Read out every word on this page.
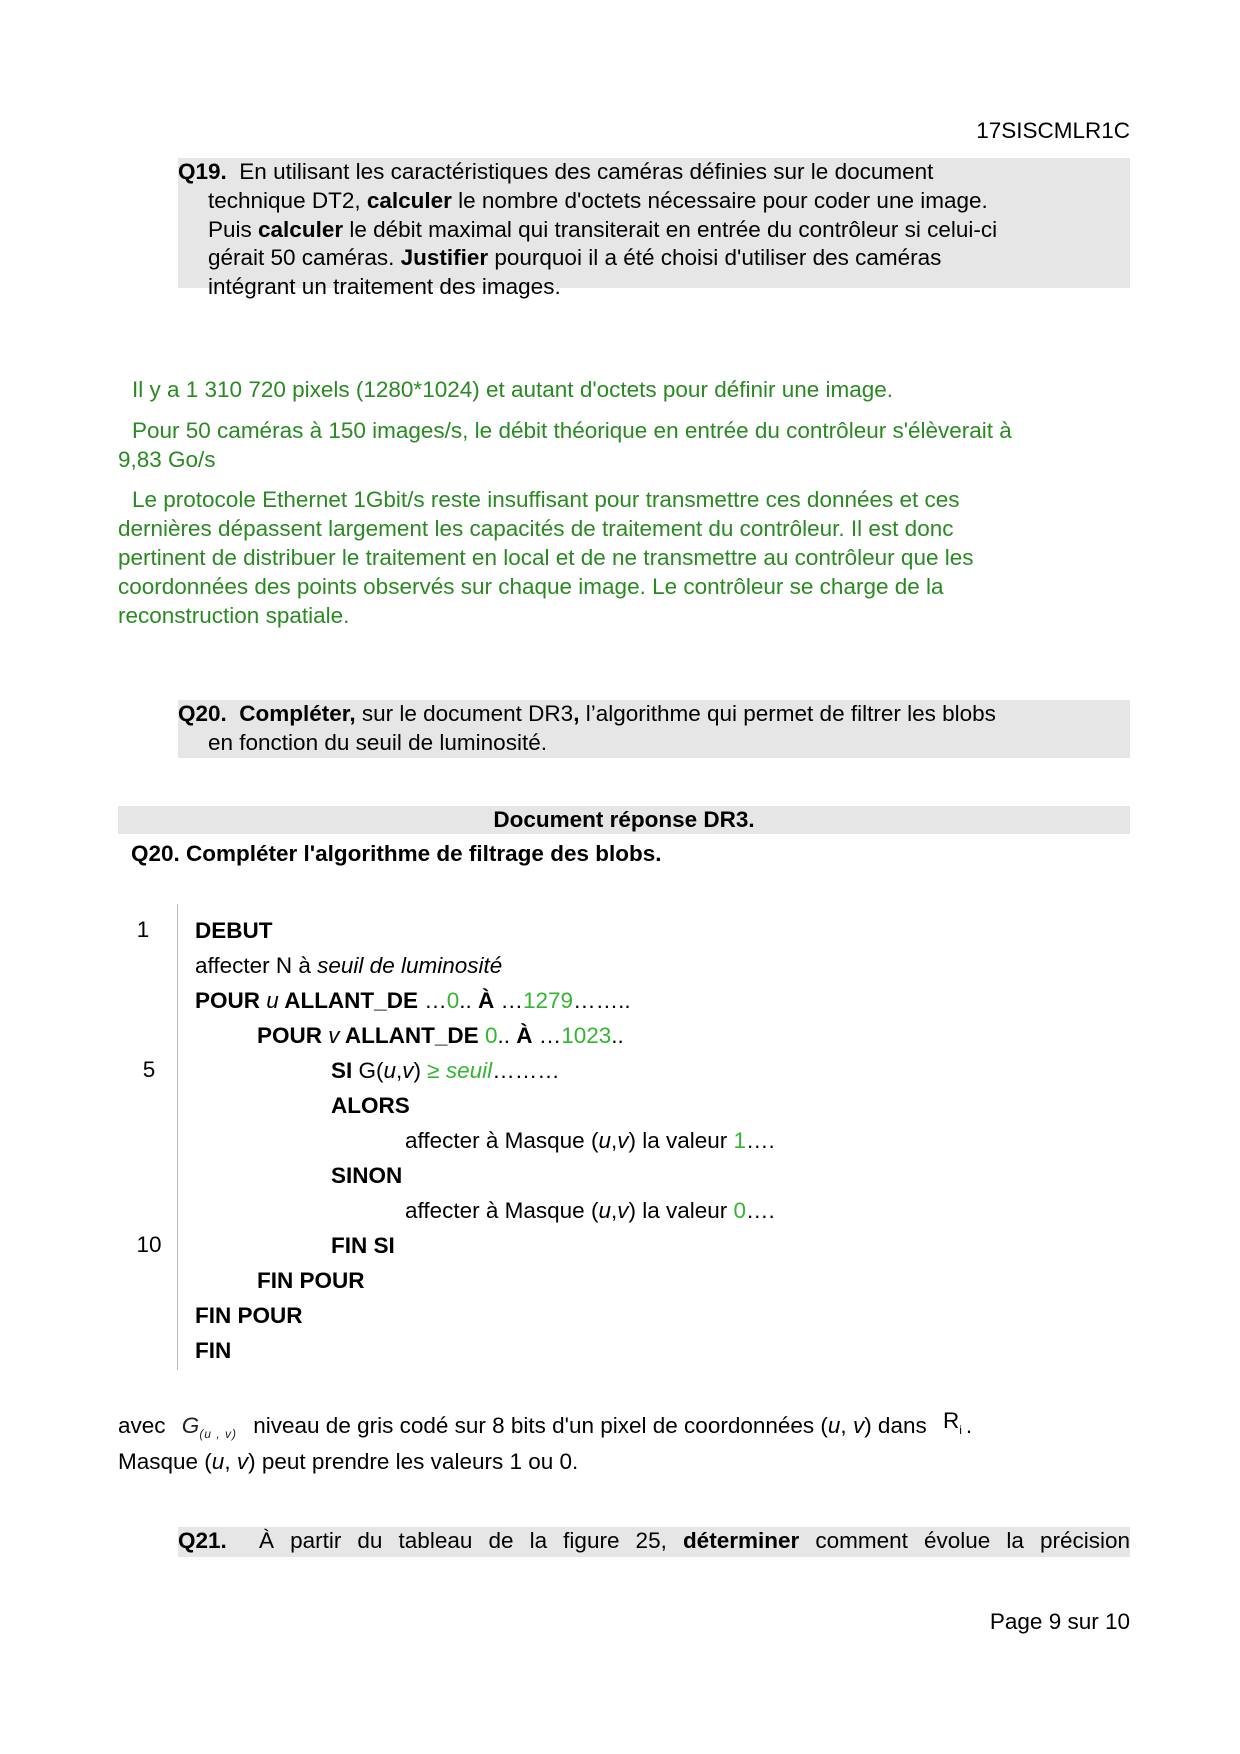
17SISCMLR1C

Q19. En utilisant les caractéristiques des caméras définies sur le document

technique DT2, calculer le nombre d'octets nécessaire pour coder une image.

Puis calculer le débit maximal qui transiterait en entrée du contrôleur si celui-ci

gérait 50 caméras. Justifier pourquoi il a été choisi d'utiliser des caméras

intégrant un traitement des images.

Il y a 1 310 720 pixels (1280*1024) et autant d'octets pour définir une image.

Pour 50 caméras à 150 images/s, le débit théorique en entrée du contrôleur s'élèverait à

9,83 Go/s

Le protocole Ethernet 1Gbit/s reste insuffisant pour transmettre ces données et ces

dernières dépassent largement les capacités de traitement du contrôleur. Il est donc

pertinent de distribuer le traitement en local et de ne transmettre au contrôleur que les

coordonnées des points observés sur chaque image. Le contrôleur se charge de la

reconstruction spatiale.

Q20. Compléter, sur le document DR3, l’algorithme qui permet de filtrer les blobs

en fonction du seuil de luminosité.

Document réponse DR3.
Q20. Compléter l'algorithme de filtrage des blobs.
1
5
10
DEBUT
affecter N à seuil de luminosité
POUR u ALLANT_DE …0.. À …1279……..
POUR v ALLANT_DE 0.. À …1023..
SI G(u,v) ≥ seuil………
ALORS
affecter à Masque (u,v) la valeur 1….
SINON
affecter à Masque (u,v) la valeur 0….
FIN SI
FIN POUR
FIN POUR
FIN
avec $G_{(u , v)}$ niveau de gris codé sur 8 bits d'un pixel de coordonnées (u, v) dans $R_i$ .
Masque (u, v) peut prendre les valeurs 1 ou 0.

Q21. À partir du tableau de la figure 25, déterminer comment évolue la précision

Page 9 sur 10
